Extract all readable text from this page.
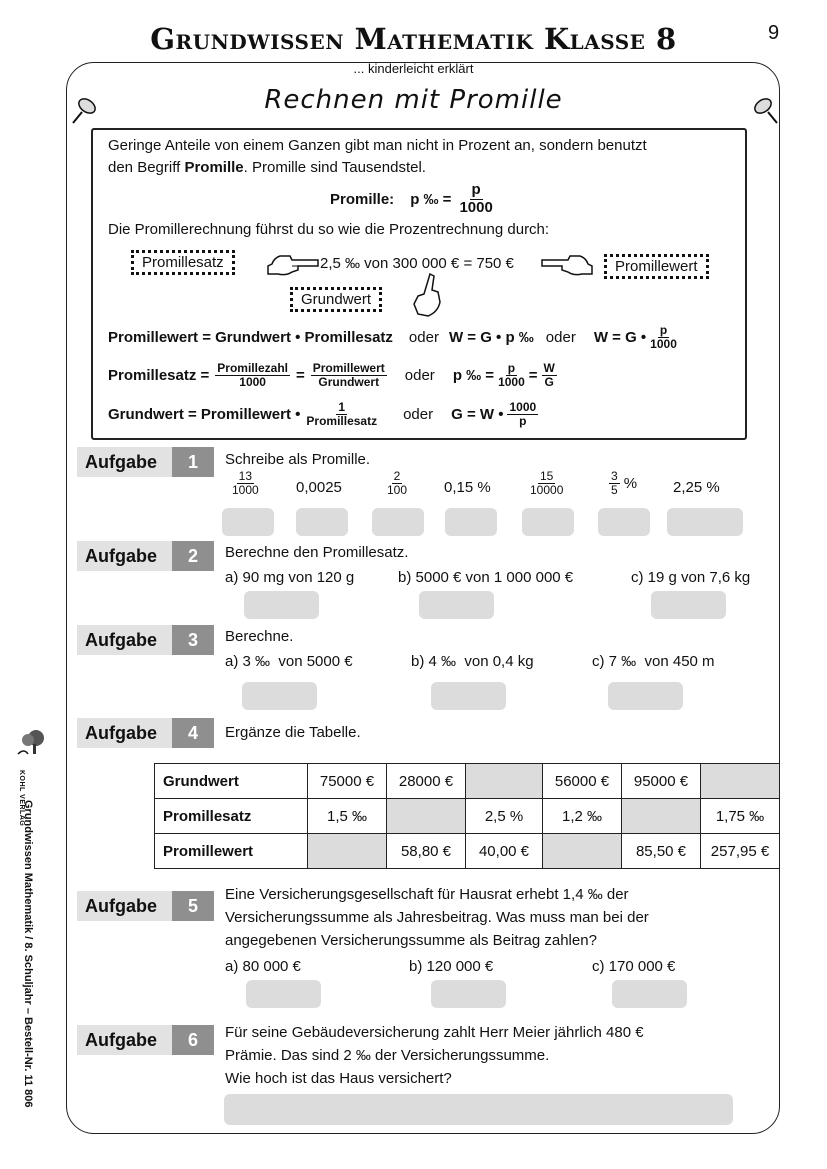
Grundwissen Mathematik Klasse 8
... kinderleicht erklärt
9
Rechnen mit Promille
Geringe Anteile von einem Ganzen gibt man nicht in Prozent an, sondern benutzt
den Begriff Promille. Promille sind Tausendstel.
Promille: p ‰ = $\frac{p}{1000}$
Die Promillerechnung führst du so wie die Prozentrechnung durch:
Promillesatz	Promillewert
Grundwert
2,5 ‰ von 300 000 € = 750 €
Promillewert = Grundwert • Promillesatz oder W = G • p ‰ oder W = G • $\frac{p}{1000}$
Promillesatz = $\frac{\text{Promillezahl}}{1000} = \frac{\text{Promillewert}}{\text{Grundwert}}$ oder p ‰ = $\frac{p}{1000} = \frac{W}{G}$
Grundwert = Promillewert • $\frac{1}{\text{Promillesatz}}$ oder G = W • $\frac{1000}{p}$
Aufgabe	1	Schreibe als Promille.
$\frac{13}{1000} 0,0025$	$\frac{2}{100} 0,15$ %	$\frac{15}{10000}$	$\frac{3}{5}$ % 2,25 %
Aufgabe	2	Berechne den Promillesatz.
a) 90 mg von 120 g	b) 5000 € von 1 000 000 €	c) 19 g von 7,6 kg
Aufgabe	3	Berechne.
a) 3 ‰  von 5000 €	b) 4 ‰  von 0,4 kg	c) 7 ‰  von 450 m
Aufgabe	4	Ergänze die Tabelle.
Grundwert	75000 €	28000 €		56000 €	95000 €	
Promillesatz	1,5 ‰		2,5 %	1,2 ‰		1,75 ‰
Promillewert		58,80 €	40,00 €		85,50 €	257,95 €
Aufgabe	5
Eine Versicherungsgesellschaft für Hausrat erhebt 1,4 ‰ der
Versicherungssumme als Jahresbeitrag. Was muss man bei der
angegebenen Versicherungssumme als Beitrag zahlen?
a) 80 000 €	b) 120 000 €	c) 170 000 €
Aufgabe	6	Für seine Gebäudeversicherung zahlt Herr Meier jährlich 480 €
Prämie. Das sind 2 ‰ der Versicherungssumme.
Wie hoch ist das Haus versichert?
KOHL VERLAG
Grundwissen Mathematik / 8. Schuljahr – Bestell-Nr. 11 806
